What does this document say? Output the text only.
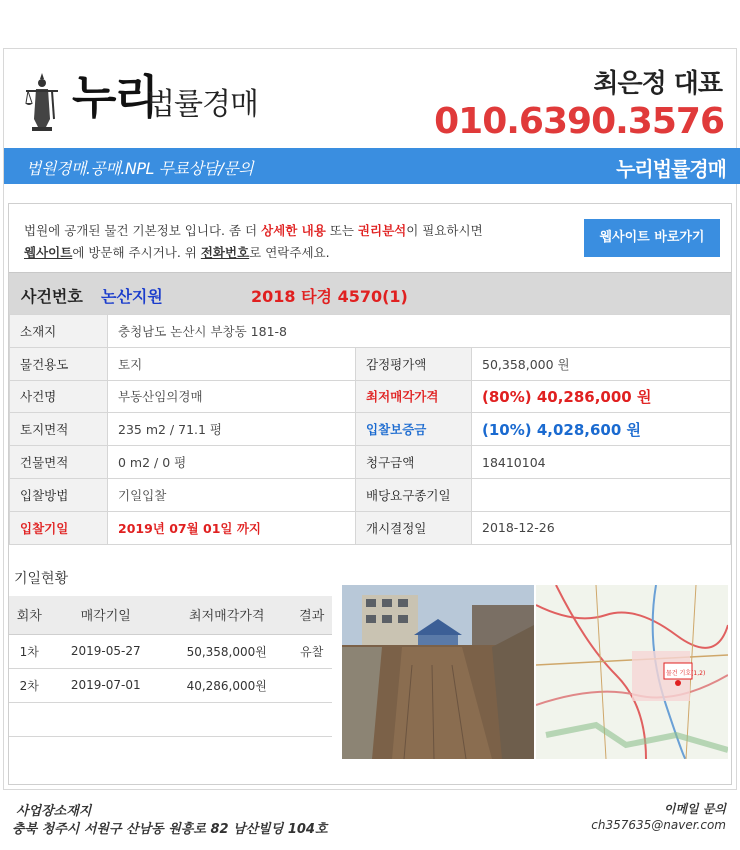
누리
법률경매
최은정 대표
010.6390.3576
법원경매.공매.NPL 무료상담/문의	누리법률경매
법원에 공개된 물건 기본정보 입니다. 좀 더 상세한 내용 또는 권리분석이 필요하시면
웹사이트에 방문해 주시거나. 위 전화번호로 연락주세요.
웹사이트 바로가기
사건번호 논산지원	2018 타경 4570(1)
소재지	충청남도 논산시 부창동 181-8		
물건용도	토지	감정평가액	50,358,000 원
사건명	부동산임의경매	최저매각가격	(80%) 40,286,000 원
토지면적	235 m2 / 71.1 평	입찰보증금	(10%) 4,028,600 원
건물면적	0 m2 / 0 평	청구금액	18410104
입찰방법	기일입찰	배당요구종기일	
입찰기일	2019년 07월 01일 까지	개시결정일	2018-12-26
기일현황
회차	매각기일	최저매각가격	결과
1차	2019-05-27	50,358,000원	유찰
2차	2019-07-01	40,286,000원	

물건 기호(1,2)
사업장소재지
충북 청주시 서원구 산남동 원흥로 82 남산빌딩 104호
이메일 문의
ch357635@naver.com
